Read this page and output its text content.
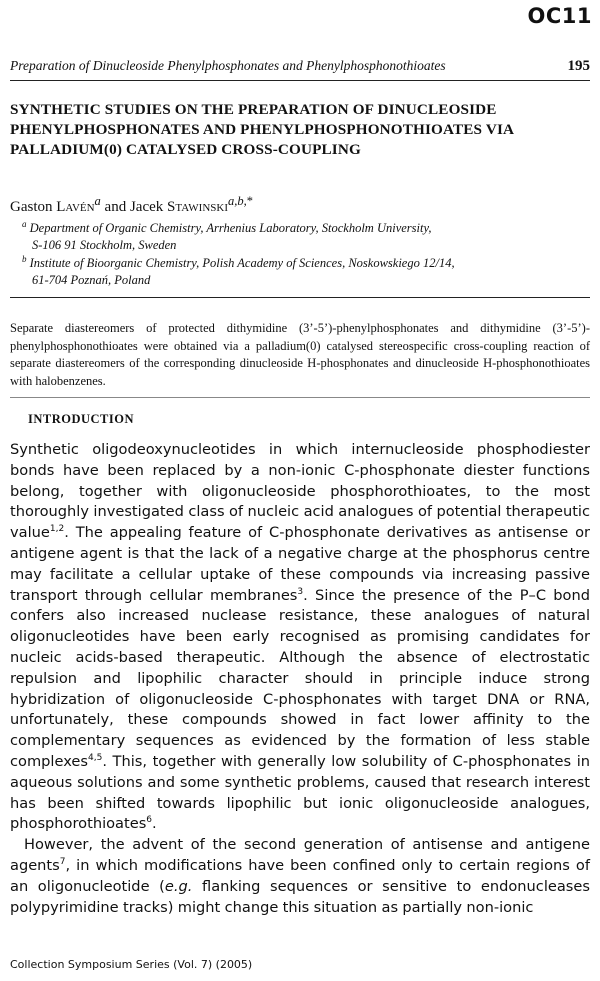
OC11
Preparation of Dinucleoside Phenylphosphonates and Phenylphosphonothioates	195
SYNTHETIC STUDIES ON THE PREPARATION OF DINUCLEOSIDE
PHENYLPHOSPHONATES AND PHENYLPHOSPHONOTHIOATES VIA
PALLADIUM(0) CATALYSED CROSS-COUPLING
Gaston Lavén$^a$ and Jacek Stawinski$^{a,b,*}$
$^a$ Department of Organic Chemistry, Arrhenius Laboratory, Stockholm University,
S-106 91 Stockholm, Sweden
$^b$ Institute of Bioorganic Chemistry, Polish Academy of Sciences, Noskowskiego 12/14,
61-704 Poznań, Poland
Separate diastereomers of protected dithymidine (3’-5’)-phenylphosphonates and dithymidine (3’-5’)-phenylphosphonothioates were obtained via a palladium(0) catalysed stereospecific cross-coupling reaction of separate diastereomers of the corresponding dinucleoside H-phosphonates and dinucleoside H-phosphonothioates with halobenzenes.
INTRODUCTION

Synthetic oligodeoxynucleotides in which internucleoside phosphodiester bonds have been replaced by a non-ionic C-phosphonate diester functions belong, together with oligonucleoside phosphorothioates, to the most thoroughly investigated class of nucleic acid analogues of potential therapeutic value$^{1,2}$. The appealing feature of C-phosphonate derivatives as antisense or antigene agent is that the lack of a negative charge at the phosphorus centre may facilitate a cellular uptake of these compounds via increasing passive transport through cellular membranes$^3$. Since the presence of the P–C bond confers also increased nuclease resistance, these analogues of natural oligonucleotides have been early recognised as promising candidates for nucleic acids-based therapeutic. Although the absence of electrostatic repulsion and lipophilic character should in principle induce strong hybridization of oligonucleoside C-phosphonates with target DNA or RNA, unfortunately, these compounds showed in fact lower affinity to the complementary sequences as evidenced by the formation of less stable complexes$^{4,5}$. This, together with generally low solubility of C-phosphonates in aqueous solutions and some synthetic problems, caused that research interest has been shifted towards lipophilic but ionic oligonucleoside analogues, phosphorothioates$^6$.

However, the advent of the second generation of antisense and antigene agents$^7$, in which modifications have been confined only to certain regions of an oligonucleotide (e.g. flanking sequences or sensitive to endonucleases polypyrimidine tracks) might change this situation as partially non-ionic

Collection Symposium Series (Vol. 7) (2005)
